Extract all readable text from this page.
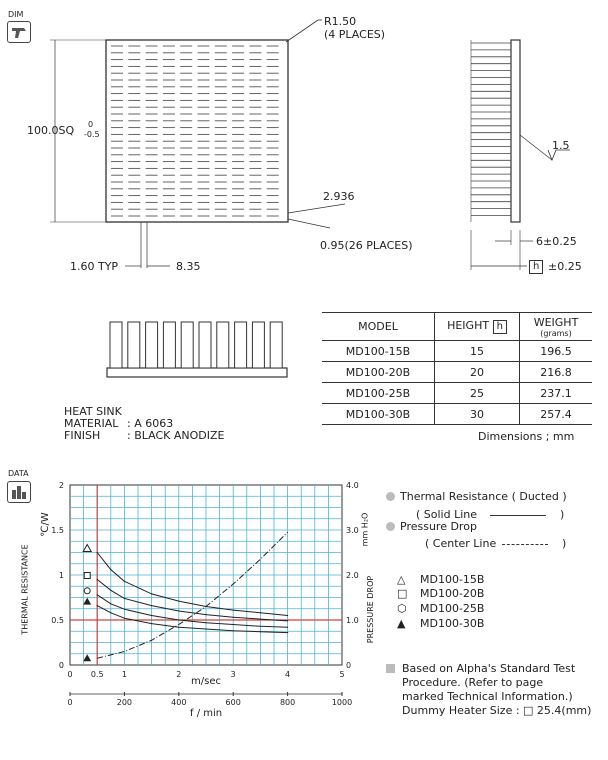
DIM
R1.50
(4 PLACES)
100.0SQ 0
-0.5
2.936
0.95(26 PLACES)
1.60 TYP	8.35
6±0.25
h ±0.25
1.5
HEAT SINK
MATERIAL : A 6063
FINISH : BLACK ANODIZE
MODEL	HEIGHT h	WEIGHT
(grams)

MD100-15B	15	196.5
MD100-20B	20	216.8
MD100-25B	25	237.1
MD100-30B	30	257.4
Dimensions ; mm
DATA
0 0.5 1	2	3	4	5
0	200	400	600	800	1000
0
0.5
1
1.5
2
0
1.0
2.0
3.0
4.0
℃/W
THERMAL RESISTANCE
mm H₂O
PRESSURE DROP
m/sec
f / min
Thermal Resistance ( Ducted )
( Solid Line	)
Pressure Drop
( Center Line	)
△ MD100-15B
□ MD100-20B
⬡ MD100-25B
▲ MD100-30B
Based on Alpha's Standard Test
Procedure. (Refer to page
marked Technical Information.)
Dummy Heater Size : □ 25.4(mm)
